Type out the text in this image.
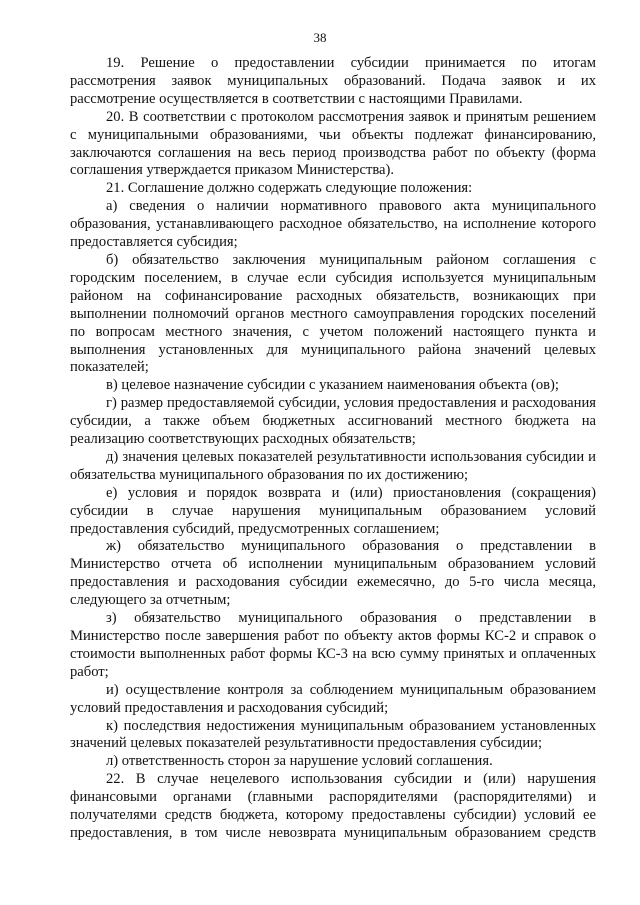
38

19. Решение о предоставлении субсидии принимается по итогам рассмотрения заявок муниципальных образований. Подача заявок и их рассмотрение осуществляется в соответствии с настоящими Правилами.

20. В соответствии с протоколом рассмотрения заявок и принятым решением с муниципальными образованиями, чьи объекты подлежат финансированию, заключаются соглашения на весь период производства работ по объекту (форма соглашения утверждается приказом Министерства).

21. Соглашение должно содержать следующие положения:

а) сведения о наличии нормативного правового акта муниципального образования, устанавливающего расходное обязательство, на исполнение которого предоставляется субсидия;

б) обязательство заключения муниципальным районом соглашения с городским поселением, в случае если субсидия используется муниципальным районом на софинансирование расходных обязательств, возникающих при выполнении полномочий органов местного самоуправления городских поселений по вопросам местного значения, с учетом положений настоящего пункта и выполнения установленных для муниципального района значений целевых показателей;

в) целевое назначение субсидии с указанием наименования объекта (ов);

г) размер предоставляемой субсидии, условия предоставления и расходования субсидии, а также объем бюджетных ассигнований местного бюджета на реализацию соответствующих расходных обязательств;

д) значения целевых показателей результативности использования субсидии и обязательства муниципального образования по их достижению;

е) условия и порядок возврата и (или) приостановления (сокращения) субсидии в случае нарушения муниципальным образованием условий предоставления субсидий, предусмотренных соглашением;

ж) обязательство муниципального образования о представлении в Министерство отчета об исполнении муниципальным образованием условий предоставления и расходования субсидии ежемесячно, до 5-го числа месяца, следующего за отчетным;

з) обязательство муниципального образования о представлении в Министерство после завершения работ по объекту актов формы КС-2 и справок о стоимости выполненных работ формы КС-3 на всю сумму принятых и оплаченных работ;

и) осуществление контроля за соблюдением муниципальным образованием условий предоставления и расходования субсидий;

к) последствия недостижения муниципальным образованием установленных значений целевых показателей результативности предоставления субсидии;

л) ответственность сторон за нарушение условий соглашения.

22. В случае нецелевого использования субсидии и (или) нарушения финансовыми органами (главными распорядителями (распорядителями) и получателями средств бюджета, которому предоставлены субсидии) условий ее предоставления, в том числе невозврата муниципальным образованием средств
